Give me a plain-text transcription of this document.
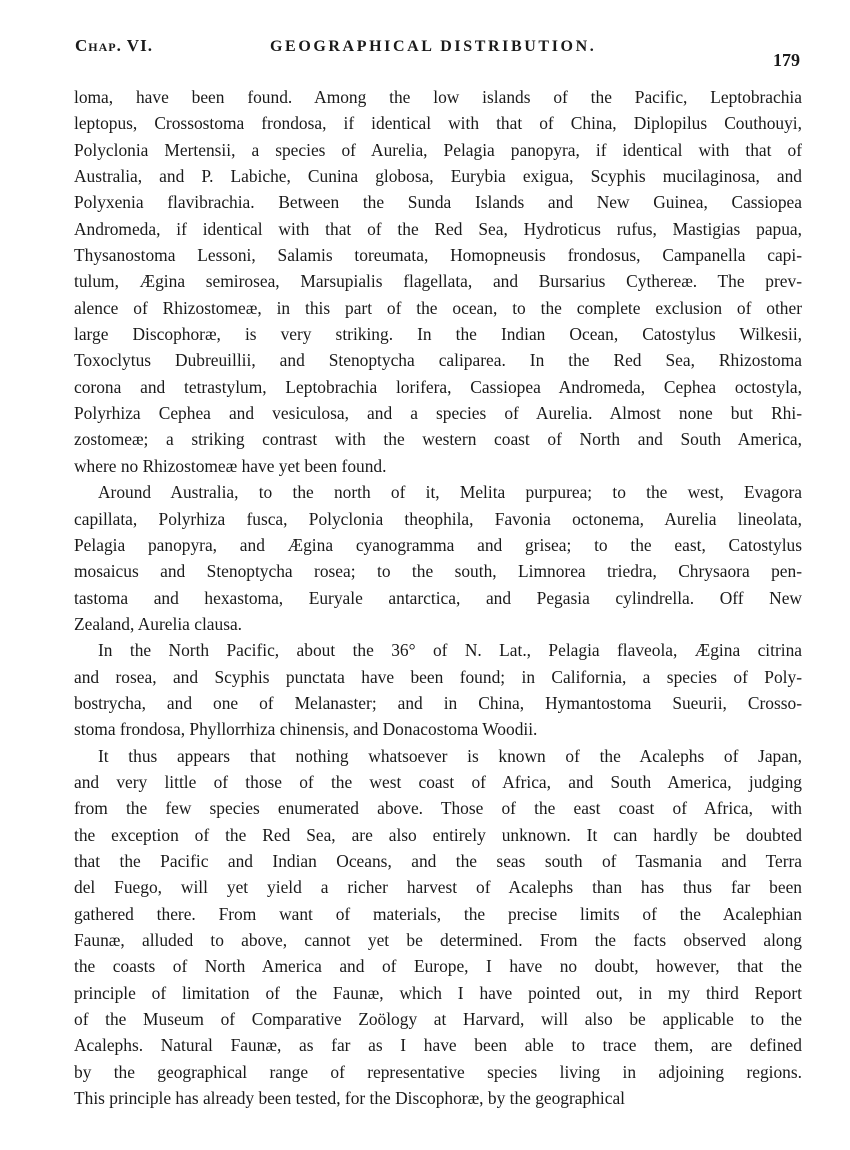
Chap. VI.	GEOGRAPHICAL DISTRIBUTION.
179
loma, have been found. Among the low islands of the Pacific, Leptobrachia
leptopus, Crossostoma frondosa, if identical with that of China, Diplopilus Couthouyi,
Polyclonia Mertensii, a species of Aurelia, Pelagia panopyra, if identical with that of
Australia, and P. Labiche, Cunina globosa, Eurybia exigua, Scyphis mucilaginosa, and
Polyxenia flavibrachia. Between the Sunda Islands and New Guinea, Cassiopea
Andromeda, if identical with that of the Red Sea, Hydroticus rufus, Mastigias papua,
Thysanostoma Lessoni, Salamis toreumata, Homopneusis frondosus, Campanella capi-
tulum, Ægina semirosea, Marsupialis flagellata, and Bursarius Cythereæ. The prev-
alence of Rhizostomeæ, in this part of the ocean, to the complete exclusion of other
large Discophoræ, is very striking. In the Indian Ocean, Catostylus Wilkesii,
Toxoclytus Dubreuillii, and Stenoptycha caliparea. In the Red Sea, Rhizostoma
corona and tetrastylum, Leptobrachia lorifera, Cassiopea Andromeda, Cephea octostyla,
Polyrhiza Cephea and vesiculosa, and a species of Aurelia. Almost none but Rhi-
zostomeæ; a striking contrast with the western coast of North and South America,
where no Rhizostomeæ have yet been found.
Around Australia, to the north of it, Melita purpurea; to the west, Evagora
capillata, Polyrhiza fusca, Polyclonia theophila, Favonia octonema, Aurelia lineolata,
Pelagia panopyra, and Ægina cyanogramma and grisea; to the east, Catostylus
mosaicus and Stenoptycha rosea; to the south, Limnorea triedra, Chrysaora pen-
tastoma and hexastoma, Euryale antarctica, and Pegasia cylindrella. Off New
Zealand, Aurelia clausa.
In the North Pacific, about the 36° of N. Lat., Pelagia flaveola, Ægina citrina
and rosea, and Scyphis punctata have been found; in California, a species of Poly-
bostrycha, and one of Melanaster; and in China, Hymantostoma Sueurii, Crosso-
stoma frondosa, Phyllorrhiza chinensis, and Donacostoma Woodii.
It thus appears that nothing whatsoever is known of the Acalephs of Japan,
and very little of those of the west coast of Africa, and South America, judging
from the few species enumerated above. Those of the east coast of Africa, with
the exception of the Red Sea, are also entirely unknown. It can hardly be doubted
that the Pacific and Indian Oceans, and the seas south of Tasmania and Terra
del Fuego, will yet yield a richer harvest of Acalephs than has thus far been
gathered there. From want of materials, the precise limits of the Acalephian
Faunæ, alluded to above, cannot yet be determined. From the facts observed along
the coasts of North America and of Europe, I have no doubt, however, that the
principle of limitation of the Faunæ, which I have pointed out, in my third Report
of the Museum of Comparative Zoölogy at Harvard, will also be applicable to the
Acalephs. Natural Faunæ, as far as I have been able to trace them, are defined
by the geographical range of representative species living in adjoining regions.
This principle has already been tested, for the Discophoræ, by the geographical
